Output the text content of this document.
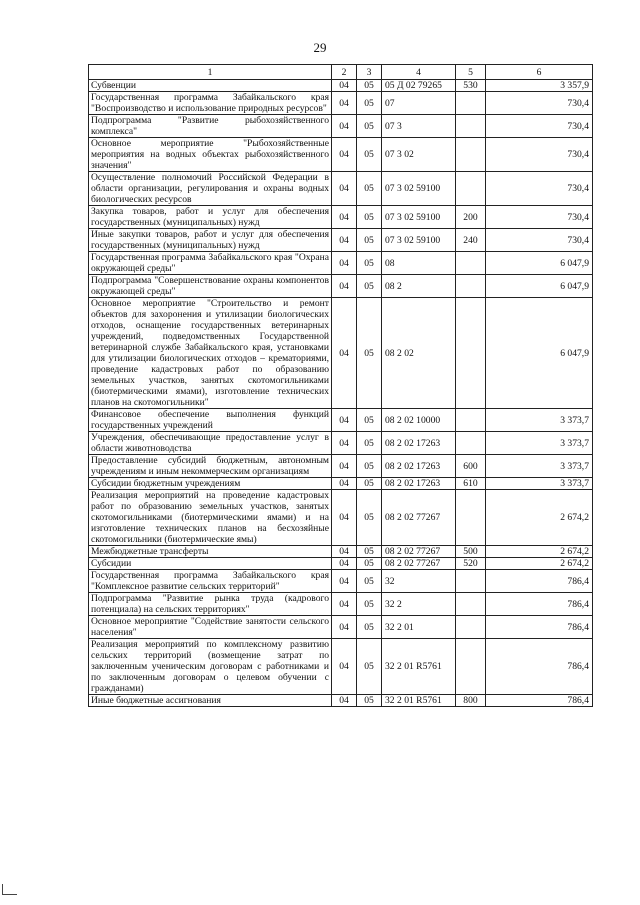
29
1	2	3	4	5	6
Субвенции	04	05	05 Д 02 79265	530	3 357,9
Государственная программа Забайкальского края "Воспроизводство и использование природных ресурсов"	04	05	07		730,4
Подпрограмма "Развитие рыбохозяйственного комплекса"	04	05	07 3		730,4
Основное мероприятие "Рыбохозяйственные мероприятия на водных объектах рыбохозяйственного значения"	04	05	07 3 02		730,4
Осуществление полномочий Российской Федерации в области организации, регулирования и охраны водных биологических ресурсов	04	05	07 3 02 59100		730,4
Закупка товаров, работ и услуг для обеспечения государственных (муниципальных) нужд	04	05	07 3 02 59100	200	730,4
Иные закупки товаров, работ и услуг для обеспечения государственных (муниципальных) нужд	04	05	07 3 02 59100	240	730,4
Государственная программа Забайкальского края "Охрана окружающей среды"	04	05	08		6 047,9
Подпрограмма "Совершенствование охраны компонентов окружающей среды"	04	05	08 2		6 047,9
Основное мероприятие "Строительство и ремонт объектов для захоронения и утилизации биологических отходов, оснащение государственных ветеринарных учреждений, подведомственных Государственной ветеринарной службе Забайкальского края, установками для утилизации биологических отходов – крематориями, проведение кадастровых работ по образованию земельных участков, занятых скотомогильниками (биотермическими ямами), изготовление технических планов на скотомогильники"	04	05	08 2 02		6 047,9
Финансовое обеспечение выполнения функций государственных учреждений	04	05	08 2 02 10000		3 373,7
Учреждения, обеспечивающие предоставление услуг в области животноводства	04	05	08 2 02 17263		3 373,7
Предоставление субсидий бюджетным, автономным учреждениям и иным некоммерческим организациям	04	05	08 2 02 17263	600	3 373,7
Субсидии бюджетным учреждениям	04	05	08 2 02 17263	610	3 373,7
Реализация мероприятий на проведение кадастровых работ по образованию земельных участков, занятых скотомогильниками (биотермическими ямами) и на изготовление технических планов на бесхозяйные скотомогильники (биотермические ямы)	04	05	08 2 02 77267		2 674,2
Межбюджетные трансферты	04	05	08 2 02 77267	500	2 674,2
Субсидии	04	05	08 2 02 77267	520	2 674,2
Государственная программа Забайкальского края "Комплексное развитие сельских территорий"	04	05	32		786,4
Подпрограмма "Развитие рынка труда (кадрового потенциала) на сельских территориях"	04	05	32 2		786,4
Основное мероприятие "Содействие занятости сельского населения"	04	05	32 2 01		786,4
Реализация мероприятий по комплексному развитию сельских территорий (возмещение затрат по заключенным ученическим договорам с работниками и по заключенным договорам о целевом обучении с гражданами)	04	05	32 2 01 R5761		786,4
Иные бюджетные ассигнования	04	05	32 2 01 R5761	800	786,4
